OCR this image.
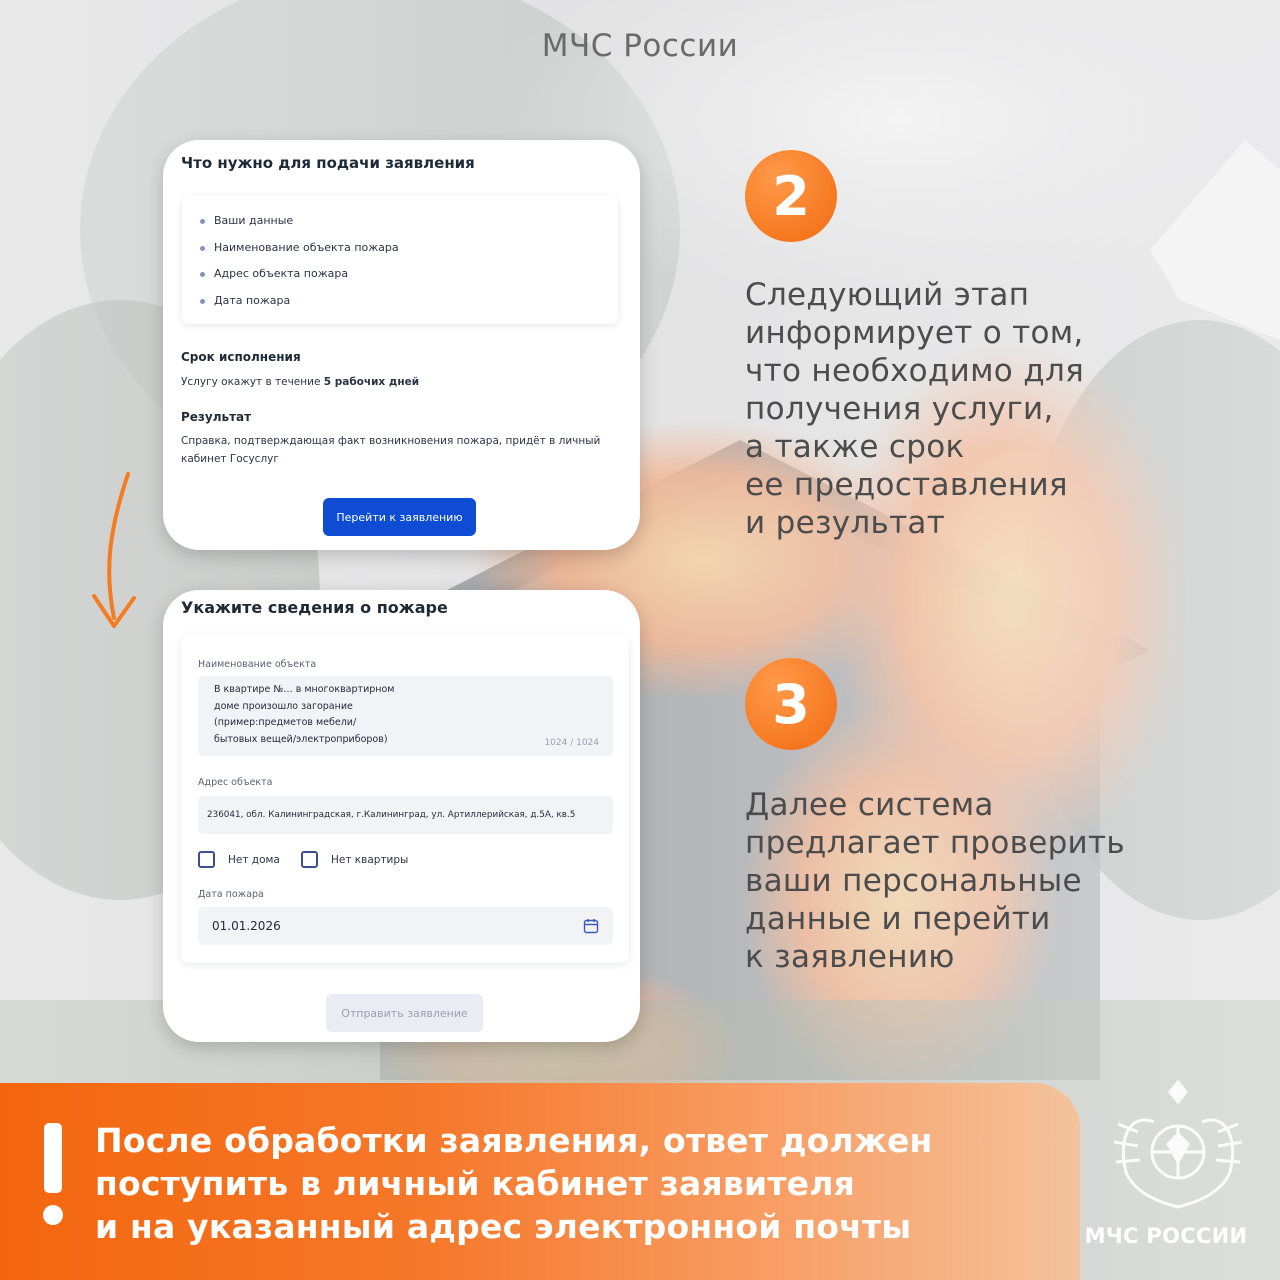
МЧС России
Что нужно для подачи заявления
Ваши данные
Наименование объекта пожара
Адрес объекта пожара
Дата пожара
Срок исполнения
Услугу окажут в течение 5 рабочих дней
Результат
Справка, подтверждающая факт возникновения пожара, придёт в личный
кабинет Госуслуг
Перейти к заявлению
Укажите сведения о пожаре
Наименование объекта
В квартире №… в многоквартирном
доме произошло загорание
(пример:предметов мебели/
бытовых вещей/электроприборов)	1024 / 1024
Адрес объекта
236041, обл. Калининградская, г.Калининград, ул. Артиллерийская, д.5А, кв.5
Нет дома	Нет квартиры
Дата пожара
01.01.2026
Отправить заявление
2
Следующий этап
информирует о том,
что необходимо для
получения услуги,
а также срок
ее предоставления
и результат
3
Далее система
предлагает проверить
ваши персональные
данные и перейти
к заявлению
После обработки заявления, ответ должен
поступить в личный кабинет заявителя
и на указанный адрес электронной почты	МЧС РОССИИ
